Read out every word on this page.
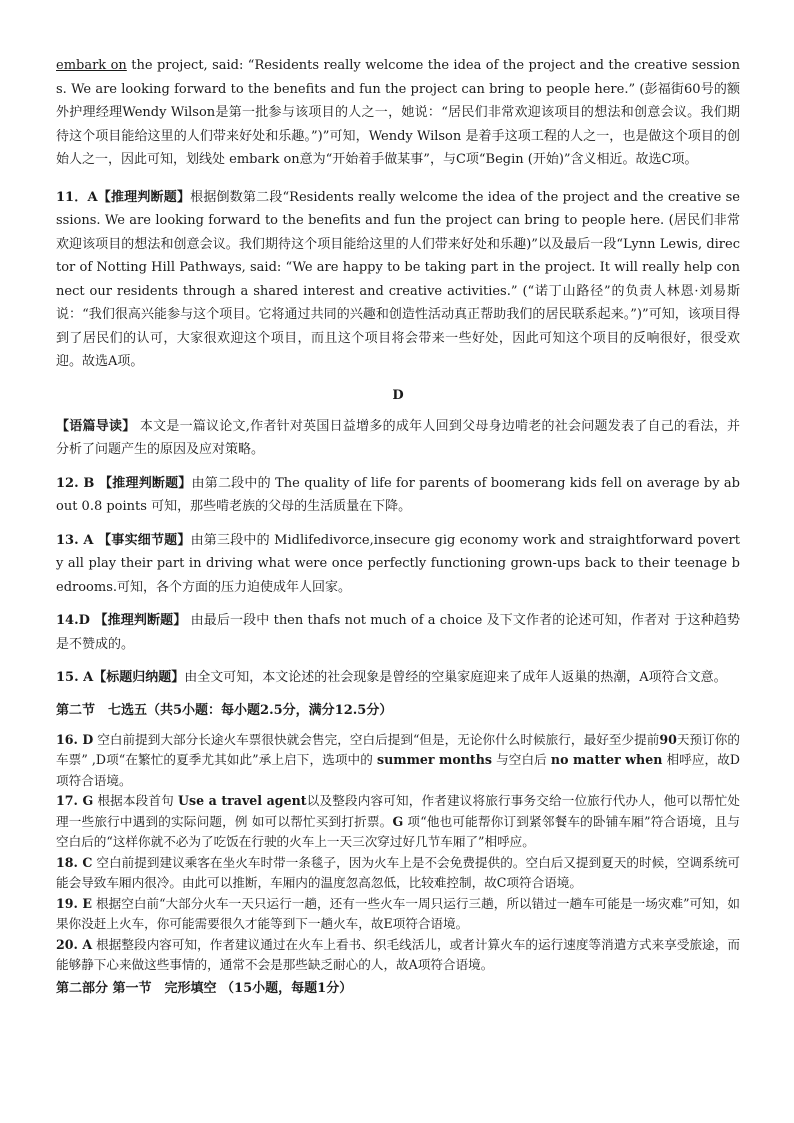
embark on the project, said: “Residents really welcome the idea of the project and the creative sessions. We are looking forward to the benefits and fun the project can bring to people here.” (彭福街60号的额外护理经理Wendy Wilson是第一批参与该项目的人之一，她说：“居民们非常欢迎该项目的想法和创意会议。我们期待这个项目能给这里的人们带来好处和乐趣。”)”可知，Wendy Wilson 是着手这项工程的人之一，也是做这个项目的创始人之一，因此可知，划线处 embark on意为“开始着手做某事”，与C项“Begin (开始)”含义相近。故选C项。

11．A【推理判断题】根据倒数第二段“Residents really welcome the idea of the project and the creative sessions. We are looking forward to the benefits and fun the project can bring to people here. (居民们非常欢迎该项目的想法和创意会议。我们期待这个项目能给这里的人们带来好处和乐趣)”以及最后一段“Lynn Lewis, director of Notting Hill Pathways, said: “We are happy to be taking part in the project. It will really help connect our residents through a shared interest and creative activities.” (“诺丁山路径”的负责人林恩·刘易斯说：“我们很高兴能参与这个项目。它将通过共同的兴趣和创造性活动真正帮助我们的居民联系起来。”)”可知，该项目得到了居民们的认可，大家很欢迎这个项目，而且这个项目将会带来一些好处，因此可知这个项目的反响很好，很受欢迎。故选A项。

D

【语篇导读】 本文是一篇议论文,作者针对英国日益增多的成年人回到父母身边啃老的社会问题发表了自己的看法，并分析了问题产生的原因及应对策略。

12. B 【推理判断题】由第二段中的 The quality of life for parents of boomerang kids fell on average by about 0.8 points 可知，那些啃老族的父母的生活质量在下降。

13. A 【事实细节题】由第三段中的 Midlifedivorce,insecure gig economy work and straightforward poverty all play their part in driving what were once perfectly functioning grown-ups back to their teenage bedrooms.可知，各个方面的压力迫使成年人回家。

14.D 【推理判断题】 由最后一段中 then thafs not much of a choice 及下文作者的论述可知，作者对 于这种趋势是不赞成的。

15. A【标题归纳题】由全文可知，本文论述的社会现象是曾经的空巢家庭迎来了成年人返巢的热潮，A项符合文意。

第二节　七选五（共5小题：每小题2.5分，满分12.5分）

16. D 空白前提到大部分长途火车票很快就会售完，空白后提到“但是，无论你什么时候旅行，最好至少提前90天预订你的车票” ,D项“在繁忙的夏季尤其如此”承上启下，选项中的 summer months 与空白后 no matter when 相呼应，故D项符合语境。

17. G 根据本段首句 Use a travel agent以及整段内容可知，作者建议将旅行事务交给一位旅行代办人，他可以帮忙处理一些旅行中遇到的实际问题，例 如可以帮忙买到打折票。G 项“他也可能帮你订到紧邻餐车的卧铺车厢”符合语境，且与空白后的“这样你就不必为了吃饭在行驶的火车上一天三次穿过好几节车厢了”相呼应。

18. C 空白前提到建议乘客在坐火车时带一条毯子，因为火车上是不会免费提供的。空白后又提到夏天的时候，空调系统可能会导致车厢内很冷。由此可以推断，车厢内的温度忽高忽低，比较难控制，故C项符合语境。

19. E 根据空白前“大部分火车一天只运行一趟，还有一些火车一周只运行三趟，所以错过一趟车可能是一场灾难”可知，如果你没赶上火车，你可能需要很久才能等到下一趟火车，故E项符合语境。

20. A 根据整段内容可知，作者建议通过在火车上看书、织毛线活儿，或者计算火车的运行速度等消遣方式来享受旅途，而能够静下心来做这些事情的，通常不会是那些缺乏耐心的人，故A项符合语境。

第二部分 第一节　完形填空 （15小题，每题1分）
